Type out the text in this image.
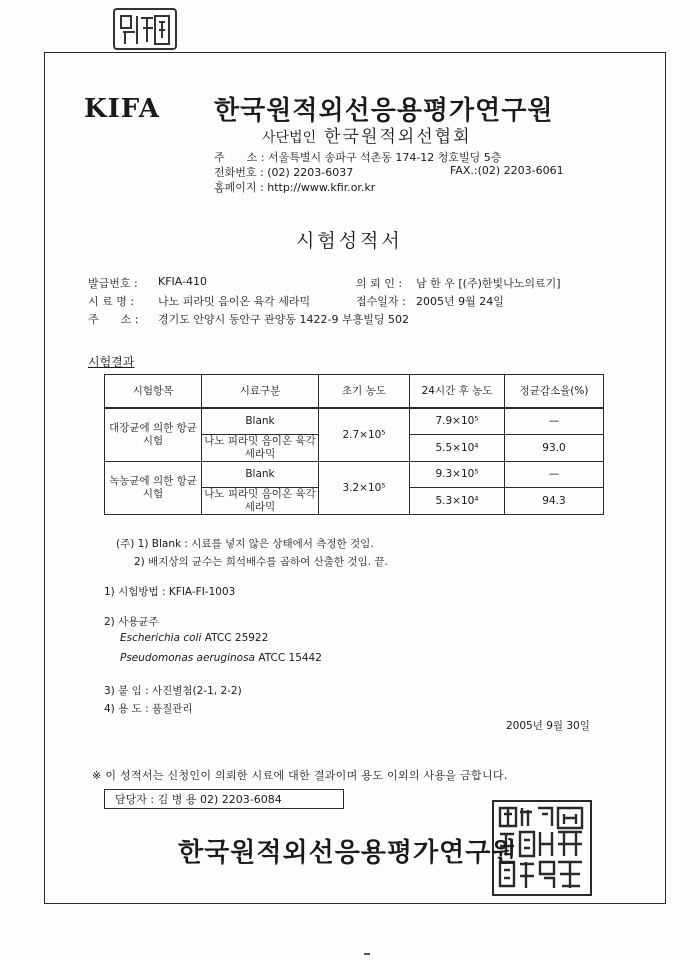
KIFA 한국원적외선응용평가연구원
사단법인 한국원적외선협회
주　　소 : 서울특별시 송파구 석촌동 174-12 청호빌딩 5층
전화번호 : (02) 2203-6037	FAX.:(02) 2203-6061
홈페이지 : http://www.kfir.or.kr
시험성적서
발급번호 : KFIA-410	의 뢰 인 : 남 한 우 [(주)한빛나노의료기]
시 료 명 : 나노 피라밋 음이온 육각 세라믹	접수일자 : 2005년 9월 24일
주　　소 : 경기도 안양시 동안구 관양동 1422-9 부흥빌딩 502
시험결과
시험항목	시료구분	초기 농도	24시간 후 농도	정균감소율(%)
대장균에 의한 항균시험	Blank	2.7×10⁵	7.9×10⁵	—
	나노 피라밋 음이온 육각 세라믹		5.5×10⁴	93.0
녹농균에 의한 항균시험	Blank	3.2×10⁵	9.3×10⁵	—
	나노 피라밋 음이온 육각 세라믹		5.3×10⁴	94.3
(주) 1) Blank : 시료를 넣지 않은 상태에서 측정한 것임.
2) 배지상의 균수는 희석배수를 곱하여 산출한 것임. 끝.
1) 시험방법 : KFIA-FI-1003
2) 사용균주
Escherichia coli ATCC 25922
Pseudomonas aeruginosa ATCC 15442
3) 붙 임 : 사진별첨(2-1, 2-2)
4) 용 도 : 품질관리
2005년 9월 30일
※ 이 성적서는 신청인이 의뢰한 시료에 대한 결과이며 용도 이외의 사용을 금합니다.
담당자 : 김 병 용 02) 2203-6084
한국원적외선응용평가연구원
